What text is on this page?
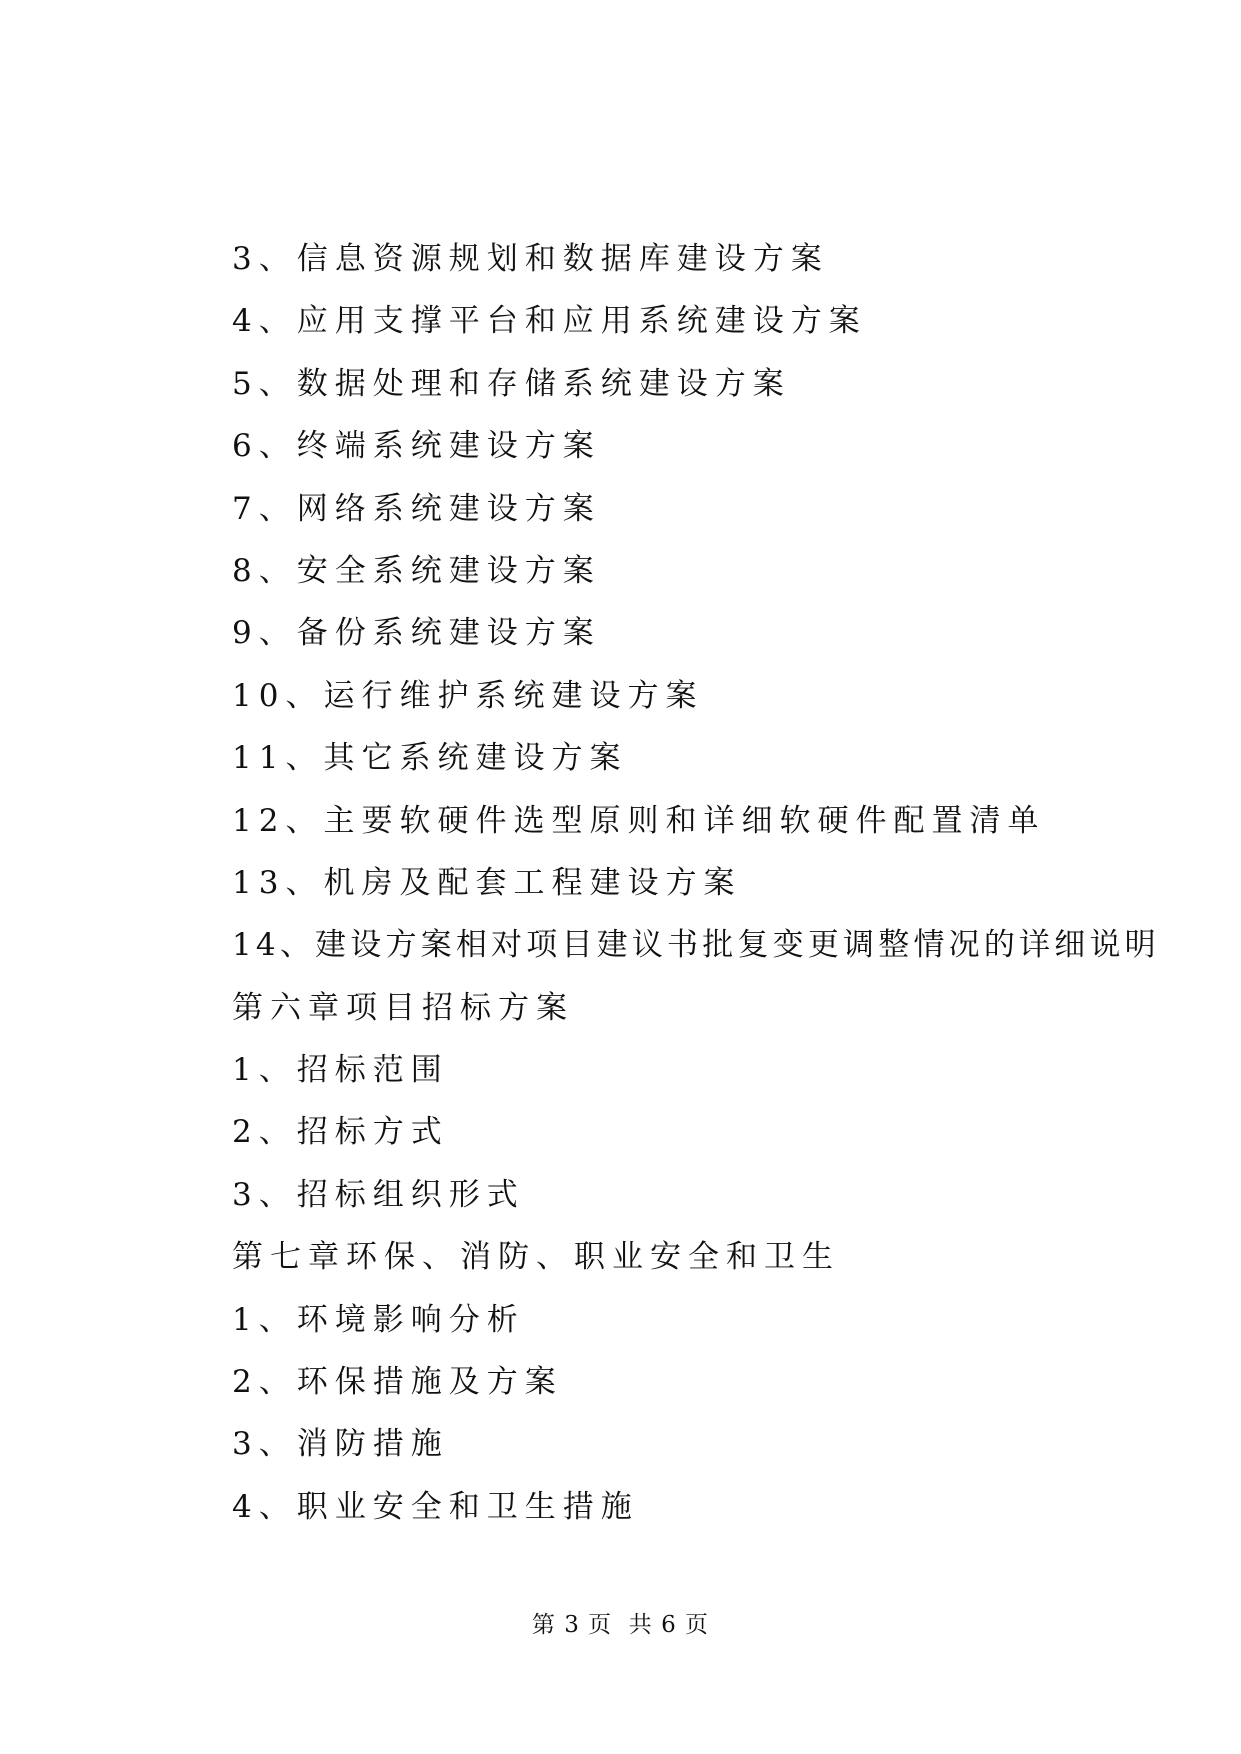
3、信息资源规划和数据库建设方案
4、应用支撑平台和应用系统建设方案
5、数据处理和存储系统建设方案
6、终端系统建设方案
7、网络系统建设方案
8、安全系统建设方案
9、备份系统建设方案
10、运行维护系统建设方案
11、其它系统建设方案
12、主要软硬件选型原则和详细软硬件配置清单
13、机房及配套工程建设方案
14、建设方案相对项目建议书批复变更调整情况的详细说明
第六章项目招标方案
1、招标范围
2、招标方式
3、招标组织形式
第七章环保、消防、职业安全和卫生
1、环境影响分析
2、环保措施及方案
3、消防措施
4、职业安全和卫生措施
第 3 页  共 6 页
